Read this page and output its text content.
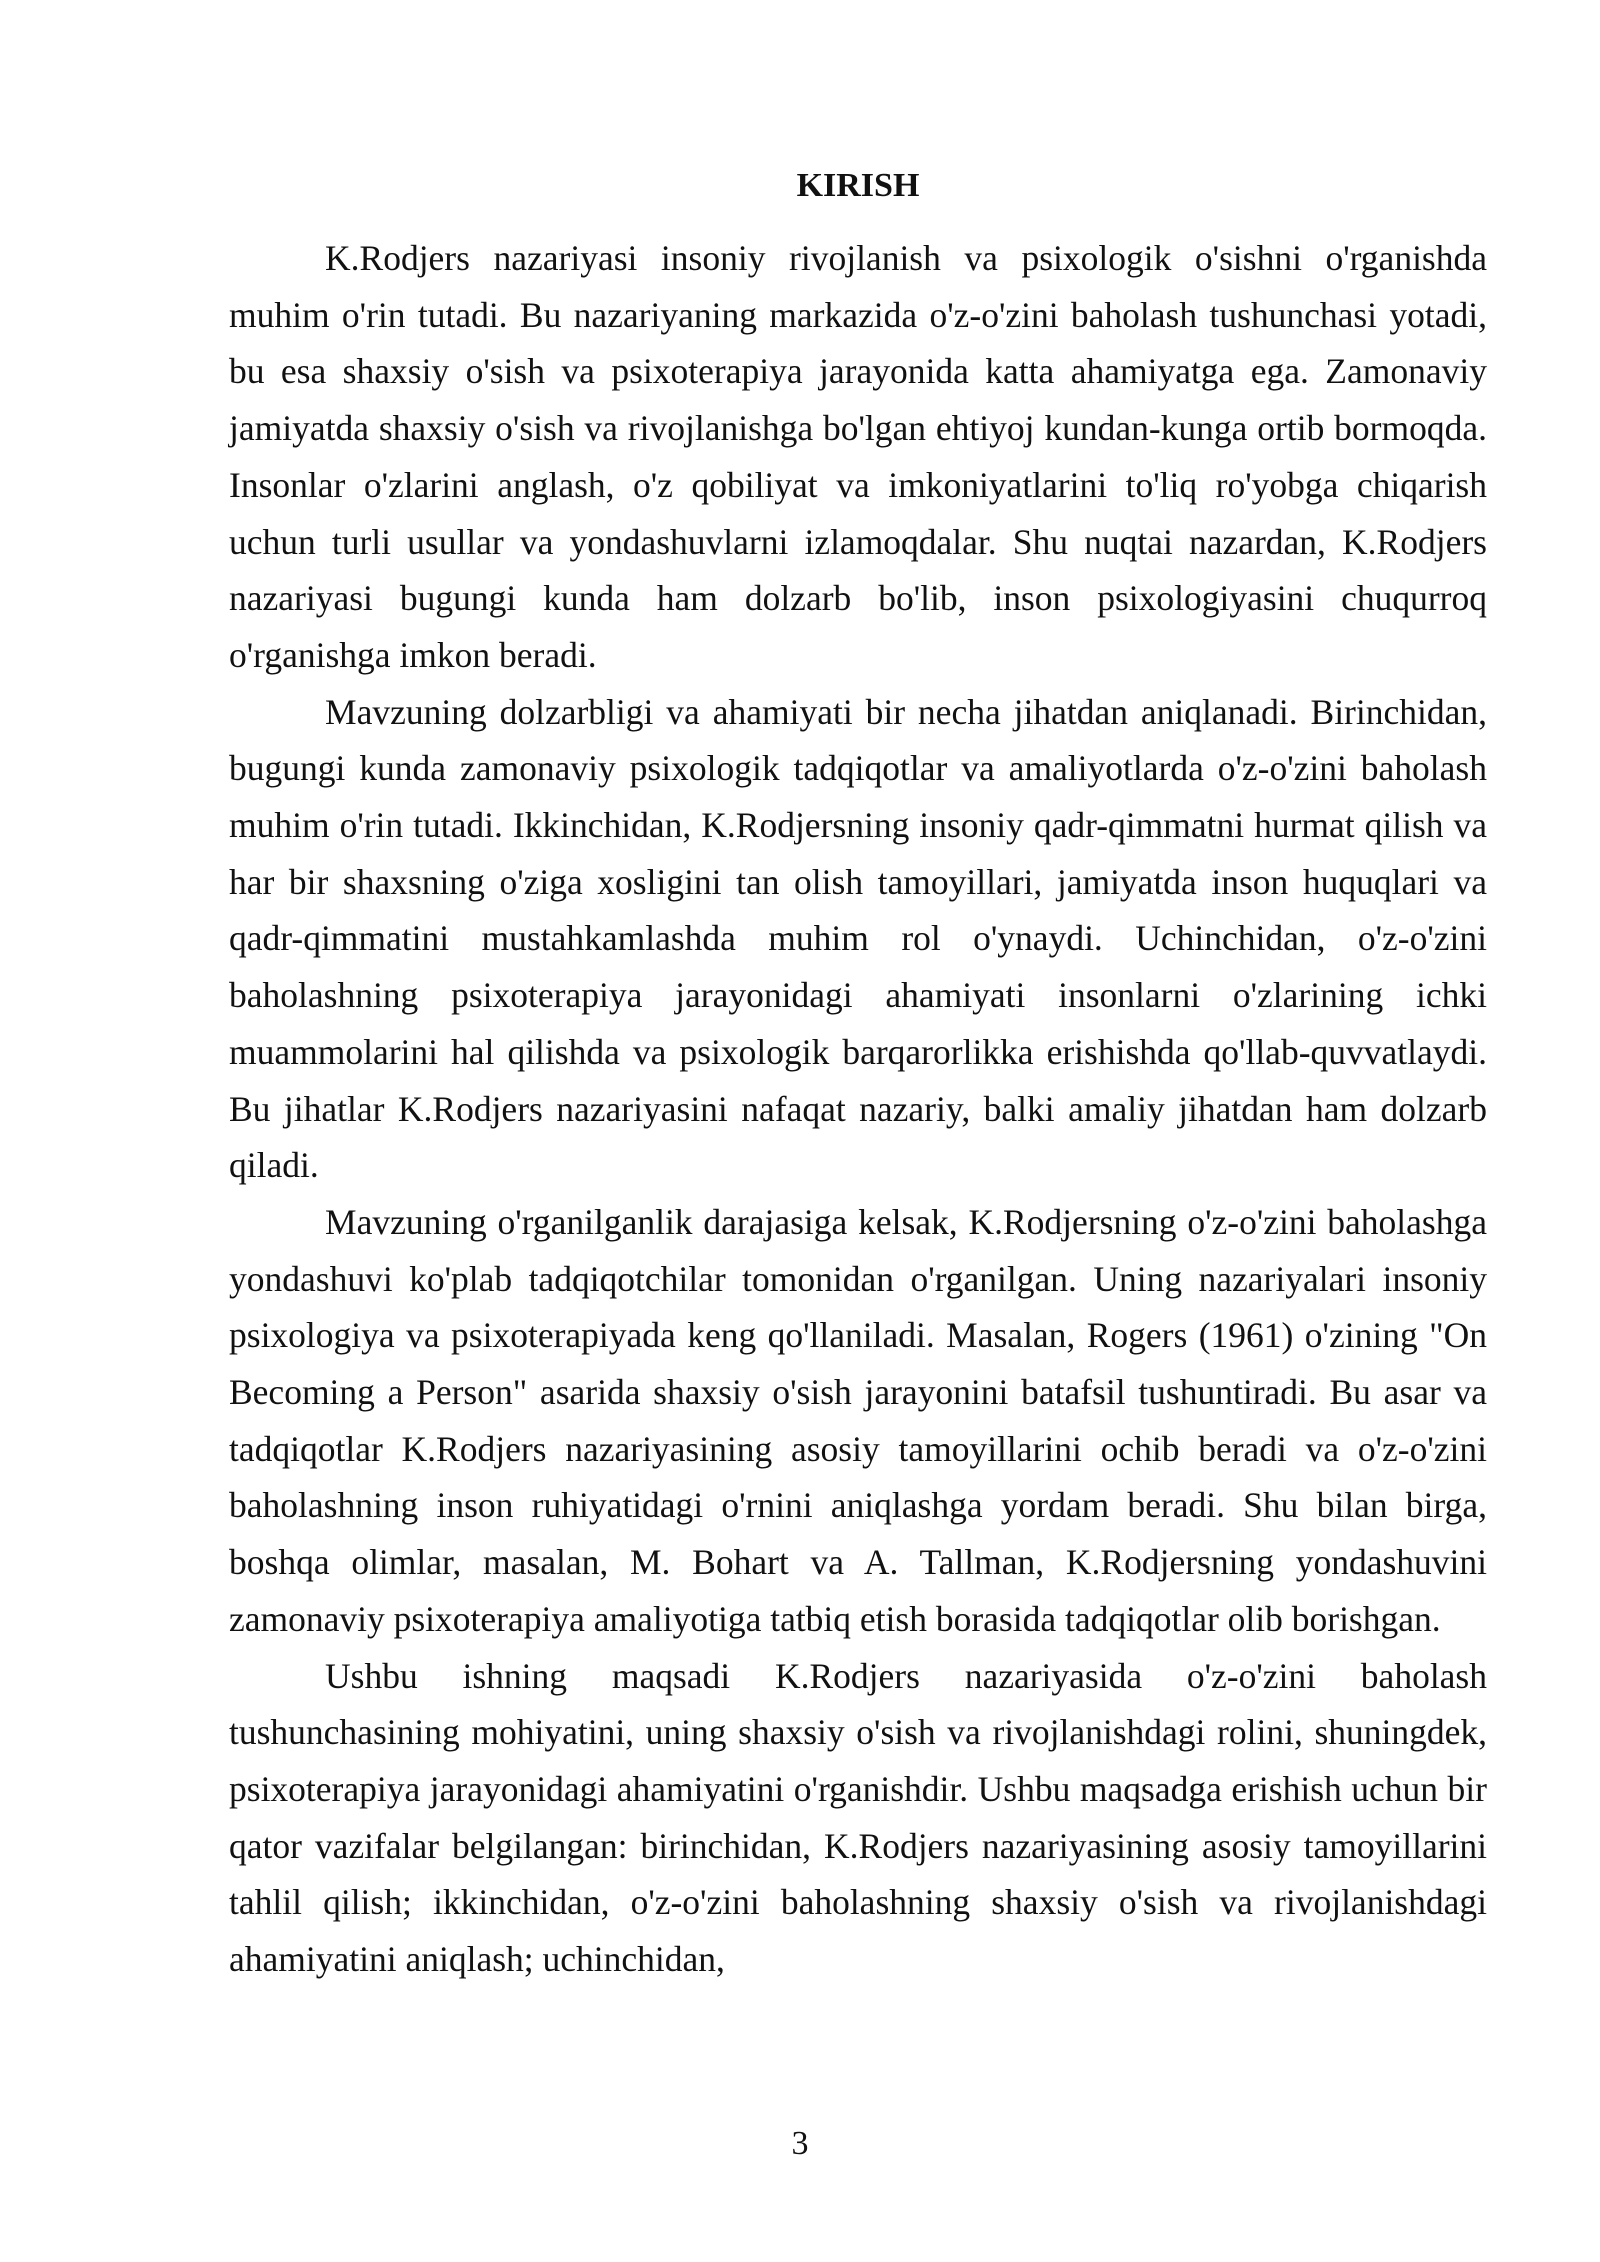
KIRISH

K.Rodjers nazariyasi insoniy rivojlanish va psixologik o'sishni o'rganishda muhim o'rin tutadi. Bu nazariyaning markazida o'z-o'zini baholash tushunchasi yotadi, bu esa shaxsiy o'sish va psixoterapiya jarayonida katta ahamiyatga ega. Zamonaviy jamiyatda shaxsiy o'sish va rivojlanishga bo'lgan ehtiyoj kundan-kunga ortib bormoqda. Insonlar o'zlarini anglash, o'z qobiliyat va imkoniyatlarini to'liq ro'yobga chiqarish uchun turli usullar va yondashuvlarni izlamoqdalar. Shu nuqtai nazardan, K.Rodjers nazariyasi bugungi kunda ham dolzarb bo'lib, inson psixologiyasini chuqurroq o'rganishga imkon beradi.

Mavzuning dolzarbligi va ahamiyati bir necha jihatdan aniqlanadi. Birinchidan, bugungi kunda zamonaviy psixologik tadqiqotlar va amaliyotlarda o'z-o'zini baholash muhim o'rin tutadi. Ikkinchidan, K.Rodjersning insoniy qadr-qimmatni hurmat qilish va har bir shaxsning o'ziga xosligini tan olish tamoyillari, jamiyatda inson huquqlari va qadr-qimmatini mustahkamlashda muhim rol o'ynaydi. Uchinchidan, o'z-o'zini baholashning psixoterapiya jarayonidagi ahamiyati insonlarni o'zlarining ichki muammolarini hal qilishda va psixologik barqarorlikka erishishda qo'llab-quvvatlaydi. Bu jihatlar K.Rodjers nazariyasini nafaqat nazariy, balki amaliy jihatdan ham dolzarb qiladi.

Mavzuning o'rganilganlik darajasiga kelsak, K.Rodjersning o'z-o'zini baholashga yondashuvi ko'plab tadqiqotchilar tomonidan o'rganilgan. Uning nazariyalari insoniy psixologiya va psixoterapiyada keng qo'llaniladi. Masalan, Rogers (1961) o'zining "On Becoming a Person" asarida shaxsiy o'sish jarayonini batafsil tushuntiradi. Bu asar va tadqiqotlar K.Rodjers nazariyasining asosiy tamoyillarini ochib beradi va o'z-o'zini baholashning inson ruhiyatidagi o'rnini aniqlashga yordam beradi. Shu bilan birga, boshqa olimlar, masalan, M. Bohart va A. Tallman, K.Rodjersning yondashuvini zamonaviy psixoterapiya amaliyotiga tatbiq etish borasida tadqiqotlar olib borishgan.

Ushbu ishning maqsadi K.Rodjers nazariyasida o'z-o'zini baholash tushunchasining mohiyatini, uning shaxsiy o'sish va rivojlanishdagi rolini, shuningdek, psixoterapiya jarayonidagi ahamiyatini o'rganishdir. Ushbu maqsadga erishish uchun bir qator vazifalar belgilangan: birinchidan, K.Rodjers nazariyasining asosiy tamoyillarini tahlil qilish; ikkinchidan, o'z-o'zini baholashning shaxsiy o'sish va rivojlanishdagi ahamiyatini aniqlash; uchinchidan,

3
